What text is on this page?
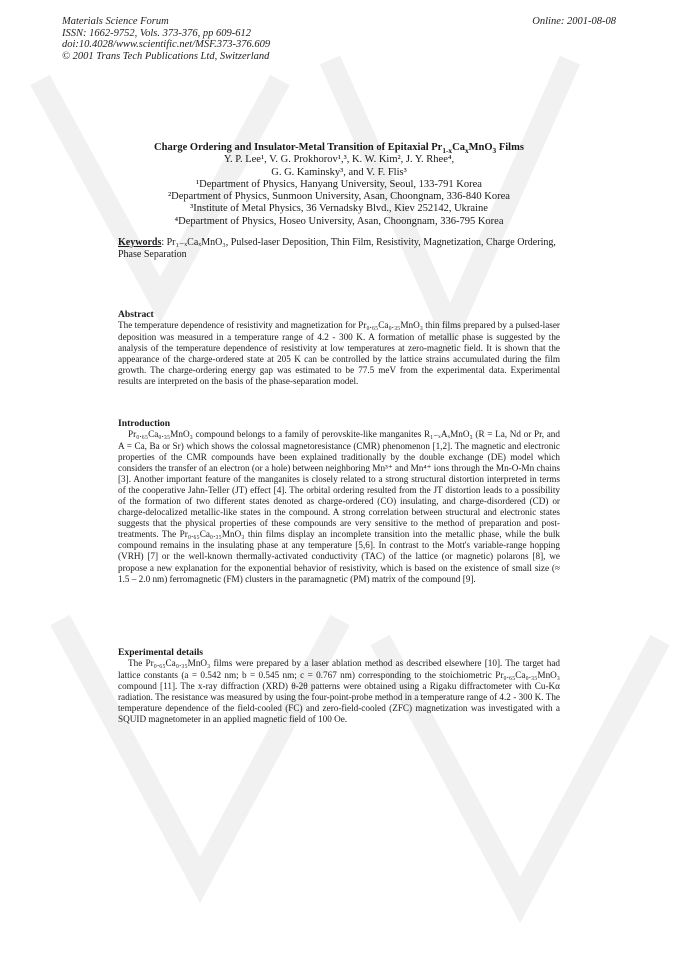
Materials Science Forum
ISSN: 1662-9752, Vols. 373-376, pp 609-612
doi:10.4028/www.scientific.net/MSF.373-376.609
© 2001 Trans Tech Publications Ltd, Switzerland
Online: 2001-08-08
Charge Ordering and Insulator-Metal Transition of Epitaxial $Pr_{1-x}Ca_xMnO_3$ Films
Y. P. Lee¹, V. G. Prokhorov¹,³, K. W. Kim², J. Y. Rhee⁴,
G. G. Kaminsky³, and V. F. Flis³
¹Department of Physics, Hanyang University, Seoul, 133-791 Korea
²Department of Physics, Sunmoon University, Asan, Choongnam, 336-840 Korea
³Institute of Metal Physics, 36 Vernadsky Blvd., Kiev 252142, Ukraine
⁴Department of Physics, Hoseo University, Asan, Choongnam, 336-795 Korea
Keywords: Pr₁₋ₓCaₓMnO₃, Pulsed-laser Deposition, Thin Film, Resistivity, Magnetization, Charge Ordering, Phase Separation
Abstract

The temperature dependence of resistivity and magnetization for Pr₀.₆₅Ca₀.₃₅MnO₃ thin films prepared by a pulsed-laser deposition was measured in a temperature range of 4.2 - 300 K. A formation of metallic phase is suggested by the analysis of the temperature dependence of resistivity at low temperatures at zero-magnetic field. It is shown that the appearance of the charge-ordered state at 205 K can be controlled by the lattice strains accumulated during the film growth. The charge-ordering energy gap was estimated to be 77.5 meV from the experimental data. Experimental results are interpreted on the basis of the phase-separation model.

Introduction

Pr₀.₆₅Ca₀.₃₅MnO₃ compound belongs to a family of perovskite-like manganites R₁₋ₓAₓMnO₃ (R = La, Nd or Pr, and A = Ca, Ba or Sr) which shows the colossal magnetoresistance (CMR) phenomenon [1,2]. The magnetic and electronic properties of the CMR compounds have been explained traditionally by the double exchange (DE) model which considers the transfer of an electron (or a hole) between neighboring Mn³⁺ and Mn⁴⁺ ions through the Mn-O-Mn chains [3]. Another important feature of the manganites is closely related to a strong structural distortion interpreted in terms of the cooperative Jahn-Teller (JT) effect [4]. The orbital ordering resulted from the JT distortion leads to a possibility of the formation of two different states denoted as charge-ordered (CO) insulating, and charge-disordered (CD) or charge-delocalized metallic-like states in the compound. A strong correlation between structural and electronic states suggests that the physical properties of these compounds are very sensitive to the method of preparation and post-treatments. The Pr₀.₆₅Ca₀.₃₅MnO₃ thin films display an incomplete transition into the metallic phase, while the bulk compound remains in the insulating phase at any temperature [5,6]. In contrast to the Mott's variable-range hopping (VRH) [7] or the well-known thermally-activated conductivity (TAC) of the lattice (or magnetic) polarons [8], we propose a new explanation for the exponential behavior of resistivity, which is based on the existence of small size (≈ 1.5 – 2.0 nm) ferromagnetic (FM) clusters in the paramagnetic (PM) matrix of the compound [9].

Experimental details

The Pr₀.₆₅Ca₀.₃₅MnO₃ films were prepared by a laser ablation method as described elsewhere [10]. The target had lattice constants (a = 0.542 nm; b = 0.545 nm; c = 0.767 nm) corresponding to the stoichiometric Pr₀.₆₅Ca₀.₃₅MnO₃ compound [11]. The x-ray diffraction (XRD) θ-2θ patterns were obtained using a Rigaku diffractometer with Cu-Kα radiation. The resistance was measured by using the four-point-probe method in a temperature range of 4.2 - 300 K. The temperature dependence of the field-cooled (FC) and zero-field-cooled (ZFC) magnetization was investigated with a SQUID magnetometer in an applied magnetic field of 100 Oe.
